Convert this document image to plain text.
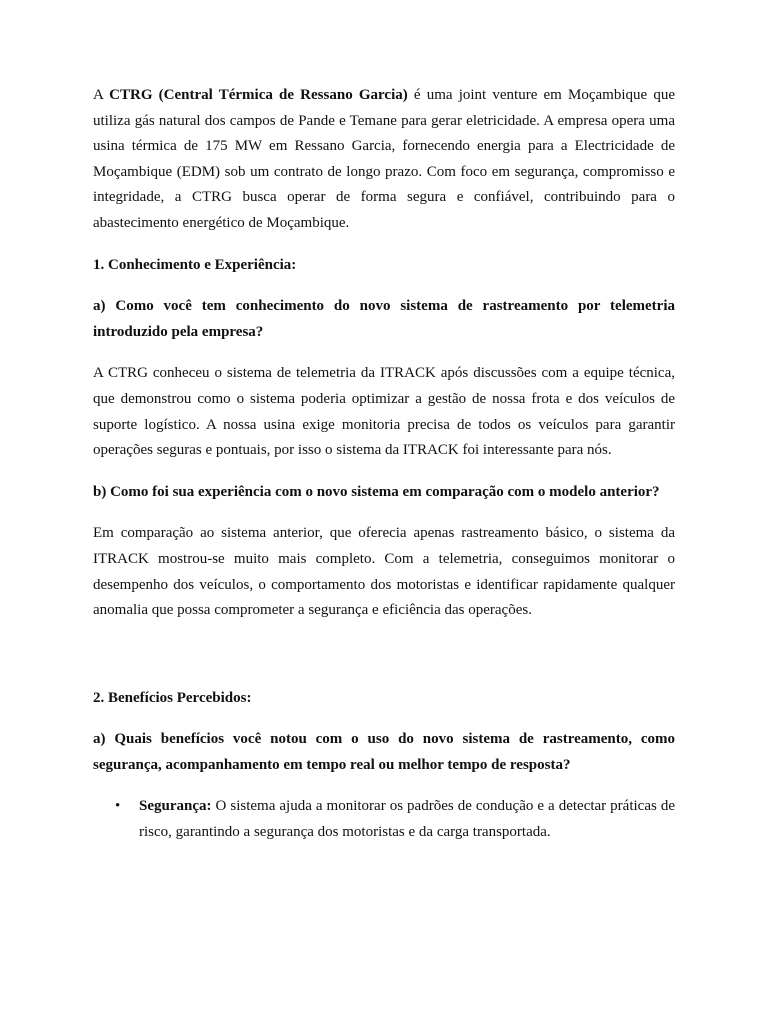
A CTRG (Central Térmica de Ressano Garcia) é uma joint venture em Moçambique que utiliza gás natural dos campos de Pande e Temane para gerar eletricidade. A empresa opera uma usina térmica de 175 MW em Ressano Garcia, fornecendo energia para a Electricidade de Moçambique (EDM) sob um contrato de longo prazo. Com foco em segurança, compromisso e integridade, a CTRG busca operar de forma segura e confiável, contribuindo para o abastecimento energético de Moçambique.

1. Conhecimento e Experiência:

a) Como você tem conhecimento do novo sistema de rastreamento por telemetria introduzido pela empresa?

A CTRG conheceu o sistema de telemetria da ITRACK após discussões com a equipe técnica, que demonstrou como o sistema poderia optimizar a gestão de nossa frota e dos veículos de suporte logístico. A nossa usina exige monitoria precisa de todos os veículos para garantir operações seguras e pontuais, por isso o sistema da ITRACK foi interessante para nós.

b) Como foi sua experiência com o novo sistema em comparação com o modelo anterior?

Em comparação ao sistema anterior, que oferecia apenas rastreamento básico, o sistema da ITRACK mostrou-se muito mais completo. Com a telemetria, conseguimos monitorar o desempenho dos veículos, o comportamento dos motoristas e identificar rapidamente qualquer anomalia que possa comprometer a segurança e eficiência das operações.

2. Benefícios Percebidos:

a) Quais benefícios você notou com o uso do novo sistema de rastreamento, como segurança, acompanhamento em tempo real ou melhor tempo de resposta?

• Segurança: O sistema ajuda a monitorar os padrões de condução e a detectar práticas de risco, garantindo a segurança dos motoristas e da carga transportada.
